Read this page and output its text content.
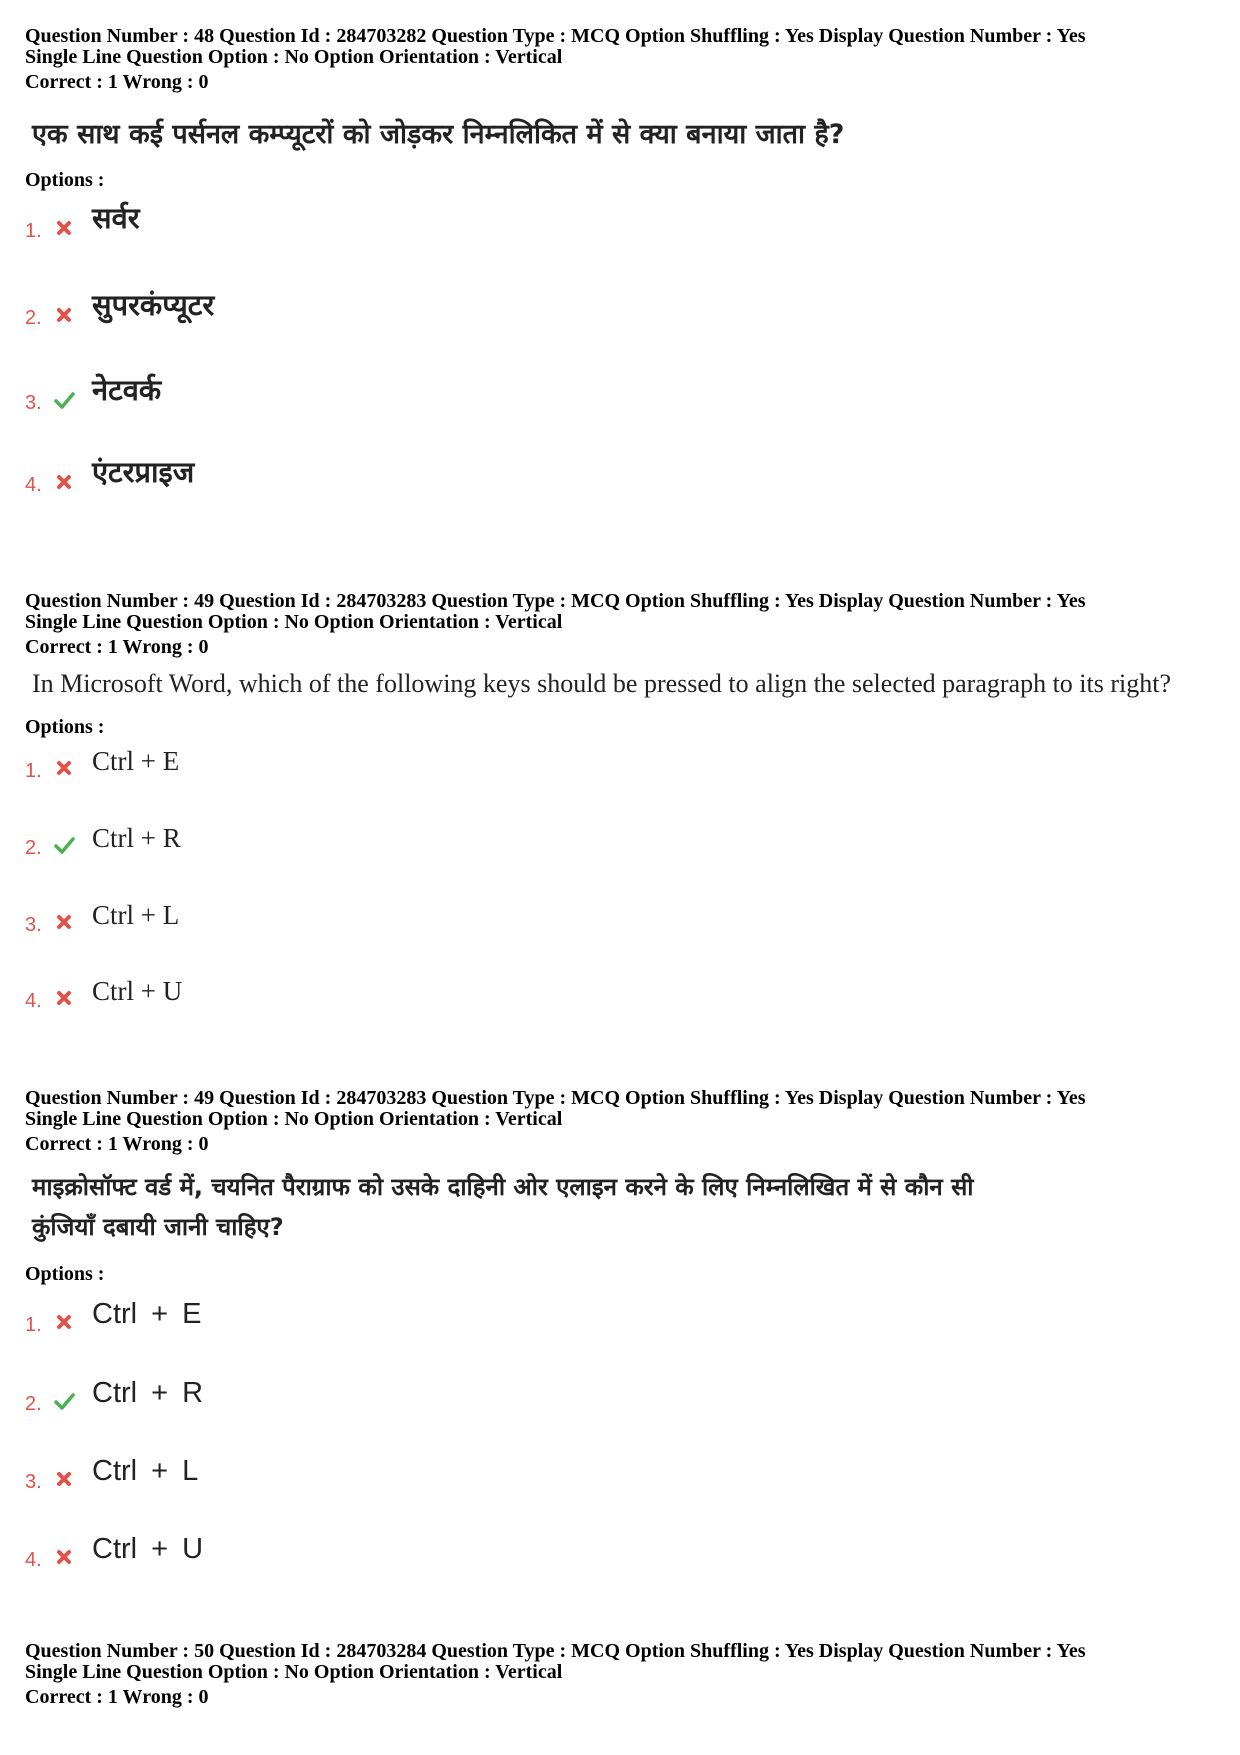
Question Number : 48 Question Id : 284703282 Question Type : MCQ Option Shuffling : Yes Display Question Number : Yes
Single Line Question Option : No Option Orientation : Vertical
Correct : 1 Wrong : 0
एक साथ कई पर्सनल कम्प्यूटरों को जोड़कर निम्नलिकित में से क्या बनाया जाता है?
Options :
1. सर्वर
2. सुपरकंप्यूटर
3. नेटवर्क
4. एंटरप्राइज
Question Number : 49 Question Id : 284703283 Question Type : MCQ Option Shuffling : Yes Display Question Number : Yes
Single Line Question Option : No Option Orientation : Vertical
Correct : 1 Wrong : 0
In Microsoft Word, which of the following keys should be pressed to align the selected paragraph to its right?
Options :
1. Ctrl + E
2. Ctrl + R
3. Ctrl + L
4. Ctrl + U
Question Number : 49 Question Id : 284703283 Question Type : MCQ Option Shuffling : Yes Display Question Number : Yes
Single Line Question Option : No Option Orientation : Vertical
Correct : 1 Wrong : 0
माइक्रोसॉफ्ट वर्ड में, चयनित पैराग्राफ को उसके दाहिनी ओर एलाइन करने के लिए निम्नलिखित में से कौन सी
कुंजियाँ दबायी जानी चाहिए?
Options :
1. Ctrl + E
2. Ctrl + R
3. Ctrl + L
4. Ctrl + U
Question Number : 50 Question Id : 284703284 Question Type : MCQ Option Shuffling : Yes Display Question Number : Yes
Single Line Question Option : No Option Orientation : Vertical
Correct : 1 Wrong : 0
